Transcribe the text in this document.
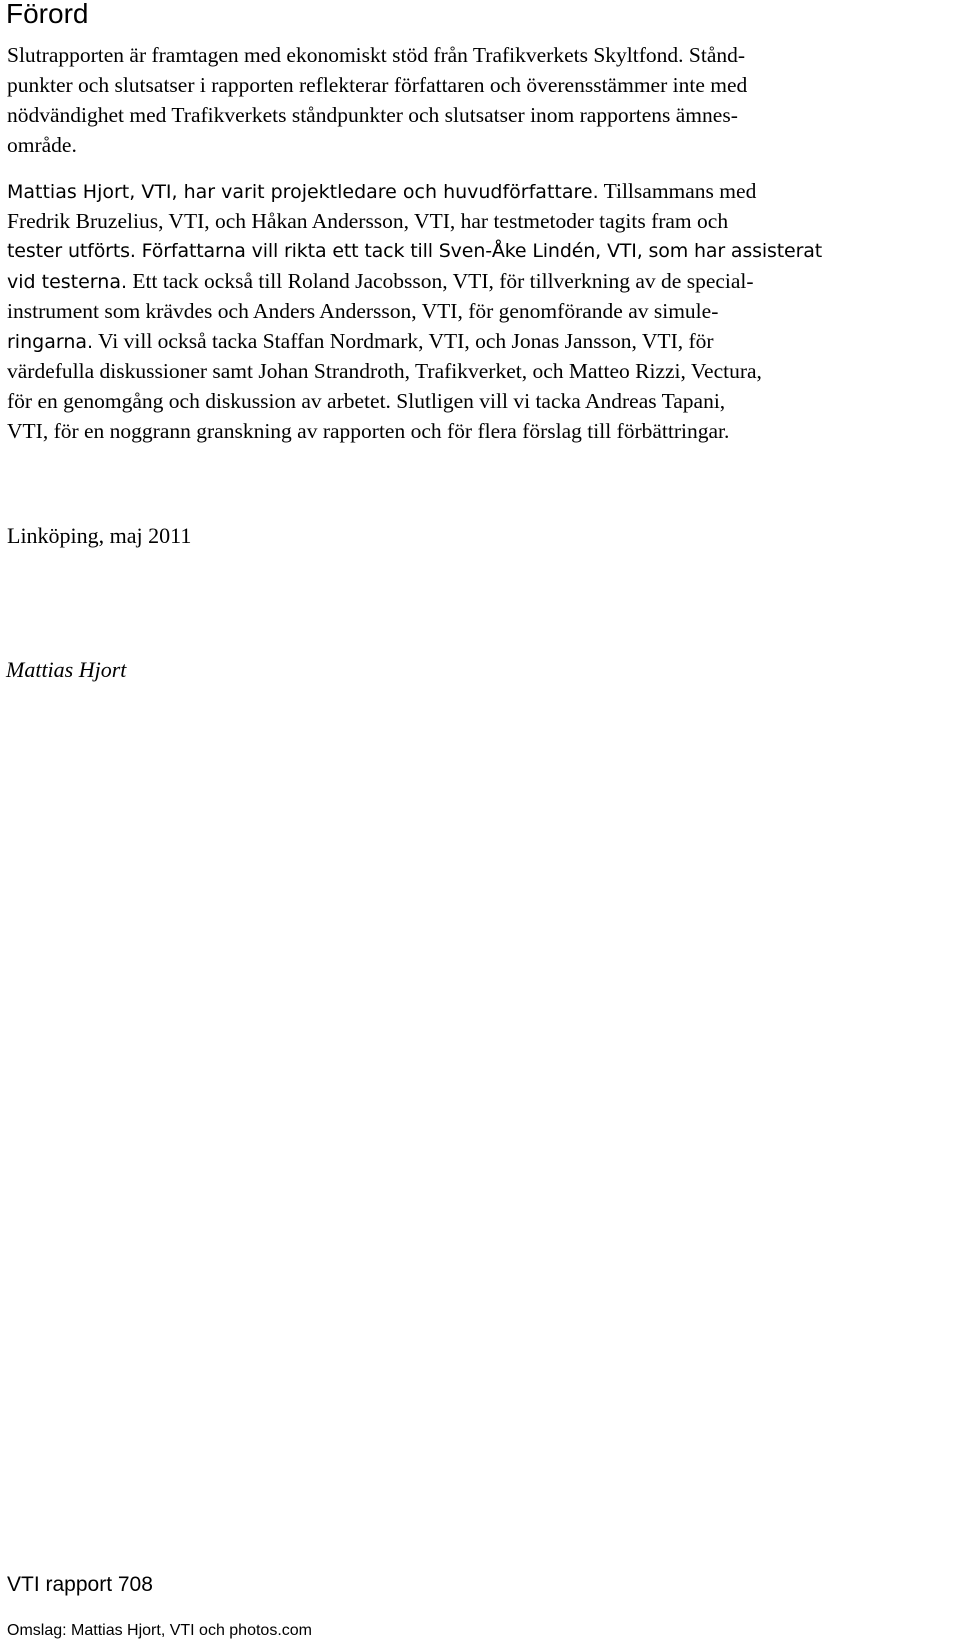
Förord
Slutrapporten är framtagen med ekonomiskt stöd från Trafikverkets Skyltfond. Stånd-
punkter och slutsatser i rapporten reflekterar författaren och överensstämmer inte med
nödvändighet med Trafikverkets ståndpunkter och slutsatser inom rapportens ämnes-
område.
Mattias Hjort, VTI, har varit projektledare och huvudförfattare. Tillsammans med
Fredrik Bruzelius, VTI, och Håkan Andersson, VTI, har testmetoder tagits fram och
tester utförts. Författarna vill rikta ett tack till Sven-Åke Lindén, VTI, som har assisterat
vid testerna. Ett tack också till Roland Jacobsson, VTI, för tillverkning av de special-
instrument som krävdes och Anders Andersson, VTI, för genomförande av simule-
ringarna. Vi vill också tacka Staffan Nordmark, VTI, och Jonas Jansson, VTI, för
värdefulla diskussioner samt Johan Strandroth, Trafikverket, och Matteo Rizzi, Vectura,
för en genomgång och diskussion av arbetet. Slutligen vill vi tacka Andreas Tapani,
VTI, för en noggrann granskning av rapporten och för flera förslag till förbättringar.

Linköping, maj 2011

Mattias Hjort

VTI rapport 708

Omslag: Mattias Hjort, VTI och photos.com
